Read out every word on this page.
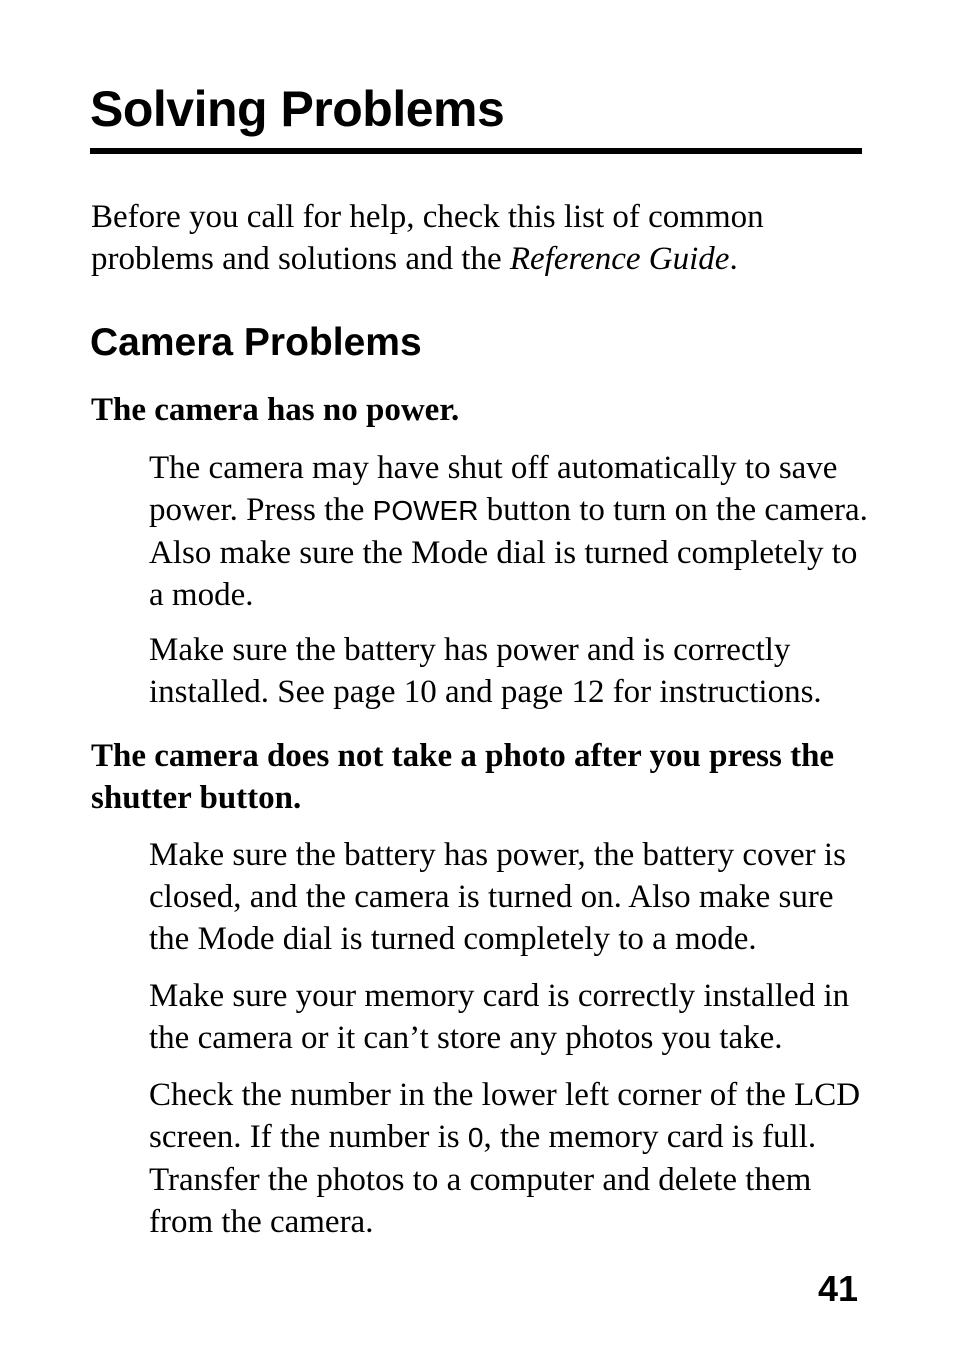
Solving Problems

Before you call for help, check this list of common problems and solutions and the Reference Guide.

Camera Problems

The camera has no power.

The camera may have shut off automatically to save power. Press the POWER button to turn on the camera. Also make sure the Mode dial is turned completely to a mode.

Make sure the battery has power and is correctly installed. See page 10 and page 12 for instructions.

The camera does not take a photo after you press the shutter button.

Make sure the battery has power, the battery cover is closed, and the camera is turned on. Also make sure the Mode dial is turned completely to a mode.

Make sure your memory card is correctly installed in the camera or it can’t store any photos you take.

Check the number in the lower left corner of the LCD screen. If the number is 0, the memory card is full. Transfer the photos to a computer and delete them from the camera.

41
